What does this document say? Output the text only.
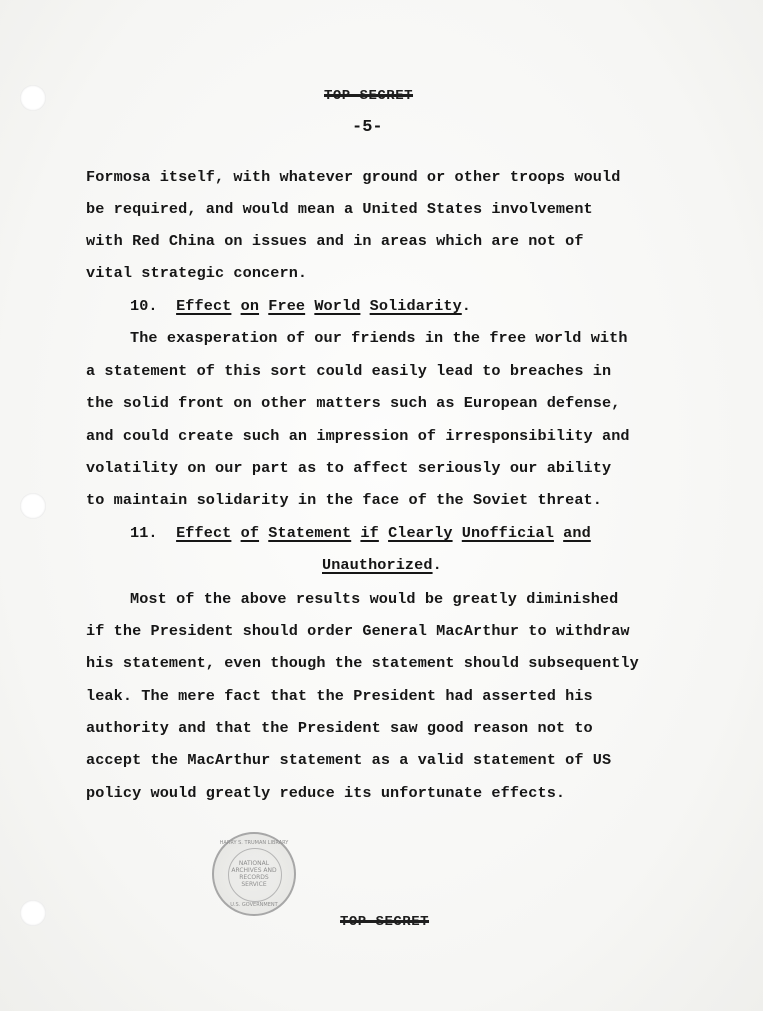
TOP SECRET
-5-
Formosa itself, with whatever ground or other troops would
be required, and would mean a United States involvement
with Red China on issues and in areas which are not of
vital strategic concern.
10. Effect on Free World Solidarity.
The exasperation of our friends in the free world with
a statement of this sort could easily lead to breaches in
the solid front on other matters such as European defense,
and could create such an impression of irresponsibility and
volatility on our part as to affect seriously our ability
to maintain solidarity in the face of the Soviet threat.
11. Effect of Statement if Clearly Unofficial and
Unauthorized.
Most of the above results would be greatly diminished
if the President should order General MacArthur to withdraw
his statement, even though the statement should subsequently
leak. The mere fact that the President had asserted his
authority and that the President saw good reason not to
accept the MacArthur statement as a valid statement of US
policy would greatly reduce its unfortunate effects.
HARRY S. TRUMAN LIBRARY
NATIONAL
ARCHIVES AND
RECORDS
SERVICE
U.S. GOVERNMENT
TOP SECRET
